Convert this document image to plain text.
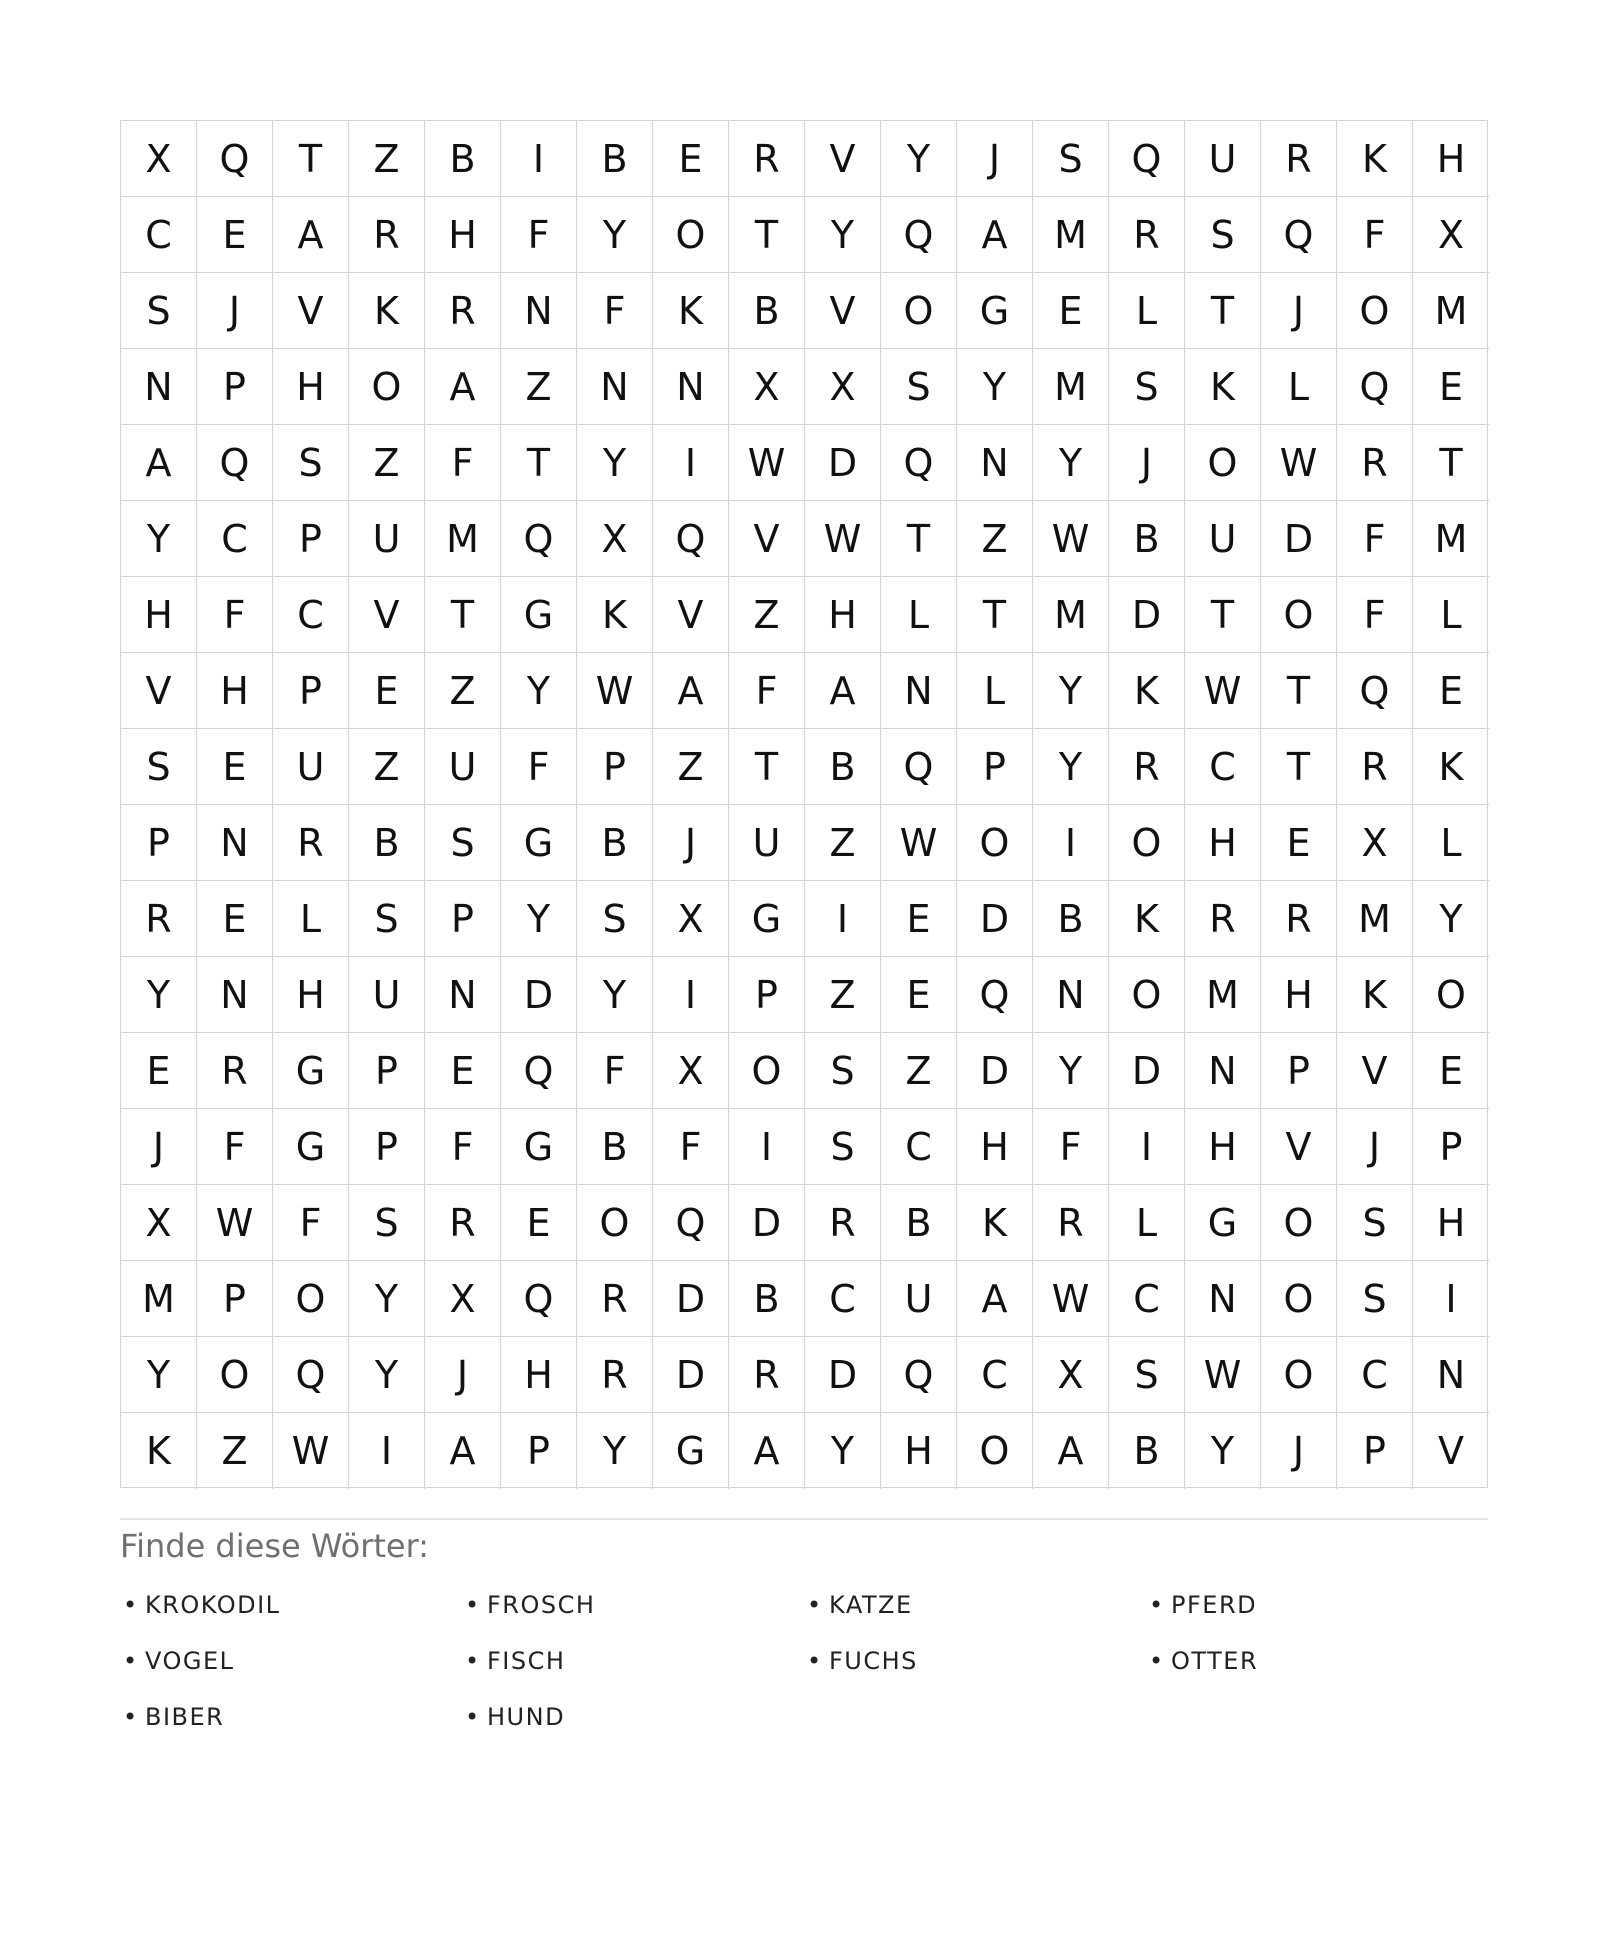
X	Q	T	Z	B	I	B	E	R	V	Y	J	S	Q	U	R	K	H
C	E	A	R	H	F	Y	O	T	Y	Q	A	M	R	S	Q	F	X
S	J	V	K	R	N	F	K	B	V	O	G	E	L	T	J	O	M
N	P	H	O	A	Z	N	N	X	X	S	Y	M	S	K	L	Q	E
A	Q	S	Z	F	T	Y	I	W	D	Q	N	Y	J	O	W	R	T
Y	C	P	U	M	Q	X	Q	V	W	T	Z	W	B	U	D	F	M
H	F	C	V	T	G	K	V	Z	H	L	T	M	D	T	O	F	L
V	H	P	E	Z	Y	W	A	F	A	N	L	Y	K	W	T	Q	E
S	E	U	Z	U	F	P	Z	T	B	Q	P	Y	R	C	T	R	K
P	N	R	B	S	G	B	J	U	Z	W	O	I	O	H	E	X	L
R	E	L	S	P	Y	S	X	G	I	E	D	B	K	R	R	M	Y
Y	N	H	U	N	D	Y	I	P	Z	E	Q	N	O	M	H	K	O
E	R	G	P	E	Q	F	X	O	S	Z	D	Y	D	N	P	V	E
J	F	G	P	F	G	B	F	I	S	C	H	F	I	H	V	J	P
X	W	F	S	R	E	O	Q	D	R	B	K	R	L	G	O	S	H
M	P	O	Y	X	Q	R	D	B	C	U	A	W	C	N	O	S	I
Y	O	Q	Y	J	H	R	D	R	D	Q	C	X	S	W	O	C	N
K	Z	W	I	A	P	Y	G	A	Y	H	O	A	B	Y	J	P	V
Finde diese Wörter:
• KROKODIL	• FROSCH	• KATZE	• PFERD
• VOGEL	• FISCH	• FUCHS	• OTTER
• BIBER	• HUND
